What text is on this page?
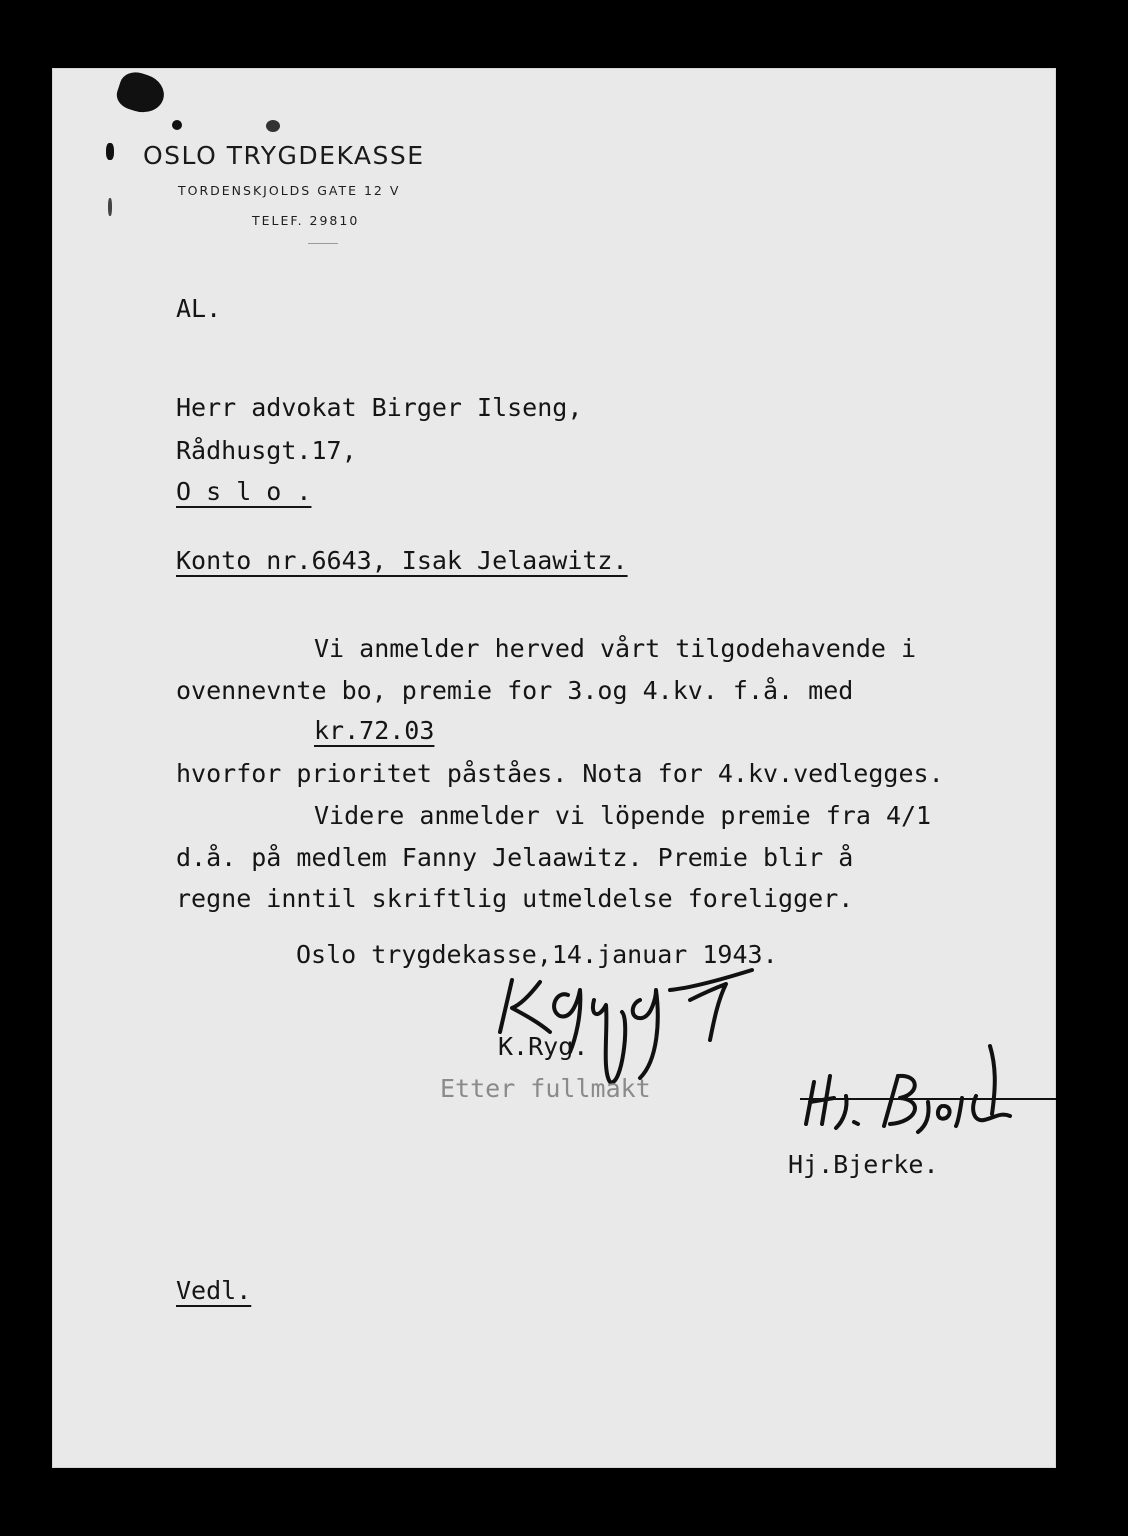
OSLO TRYGDEKASSE
TORDENSKJOLDS GATE 12 V
TELEF. 29810
AL.
Herr advokat Birger Ilseng,
Rådhusgt.17,
O s l o .
Konto nr.6643, Isak Jelaawitz.
Vi anmelder herved vårt tilgodehavende i
ovennevnte bo, premie for 3.og 4.kv. f.å. med
kr.72.03
hvorfor prioritet påståes. Nota for 4.kv.vedlegges.
Videre anmelder vi löpende premie fra 4/1
d.å. på medlem Fanny Jelaawitz. Premie blir å
regne inntil skriftlig utmeldelse foreligger.
Oslo trygdekasse,14.januar 1943.
K.Ryg.
Etter fullmakt
Hj.Bjerke.
Vedl.
